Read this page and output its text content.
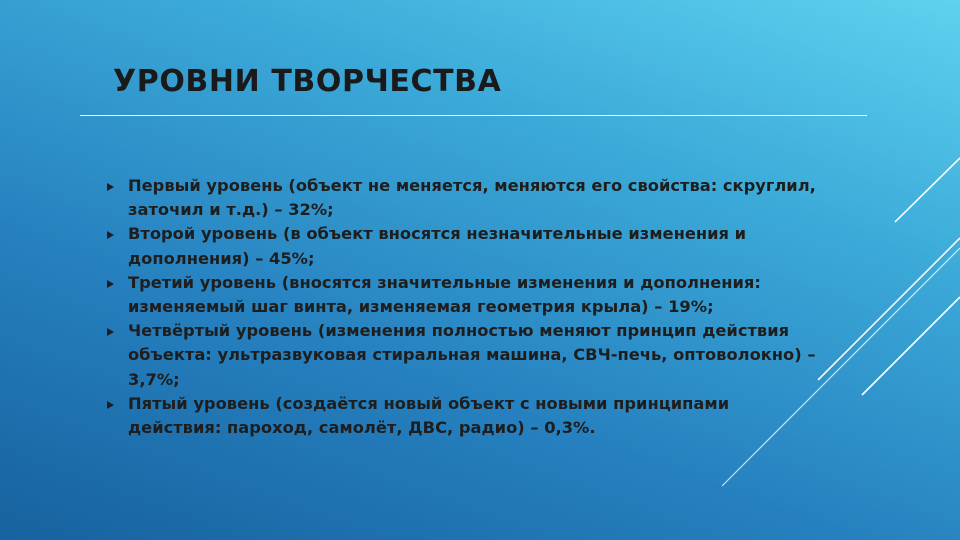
УРОВНИ ТВОРЧЕСТВА
Первый уровень (объект не меняется, меняются его свойства: скруглил, заточил и т.д.) – 32%;
Второй уровень (в объект вносятся незначительные изменения и дополнения) – 45%;
Третий уровень (вносятся значительные изменения и дополнения: изменяемый шаг винта, изменяемая геометрия крыла) – 19%;
Четвёртый уровень (изменения полностью меняют принцип действия объекта: ультразвуковая стиральная машина, СВЧ-печь, оптоволокно) – 3,7%;
Пятый уровень (создаётся новый объект с новыми принципами действия: пароход, самолёт, ДВС, радио) – 0,3%.
